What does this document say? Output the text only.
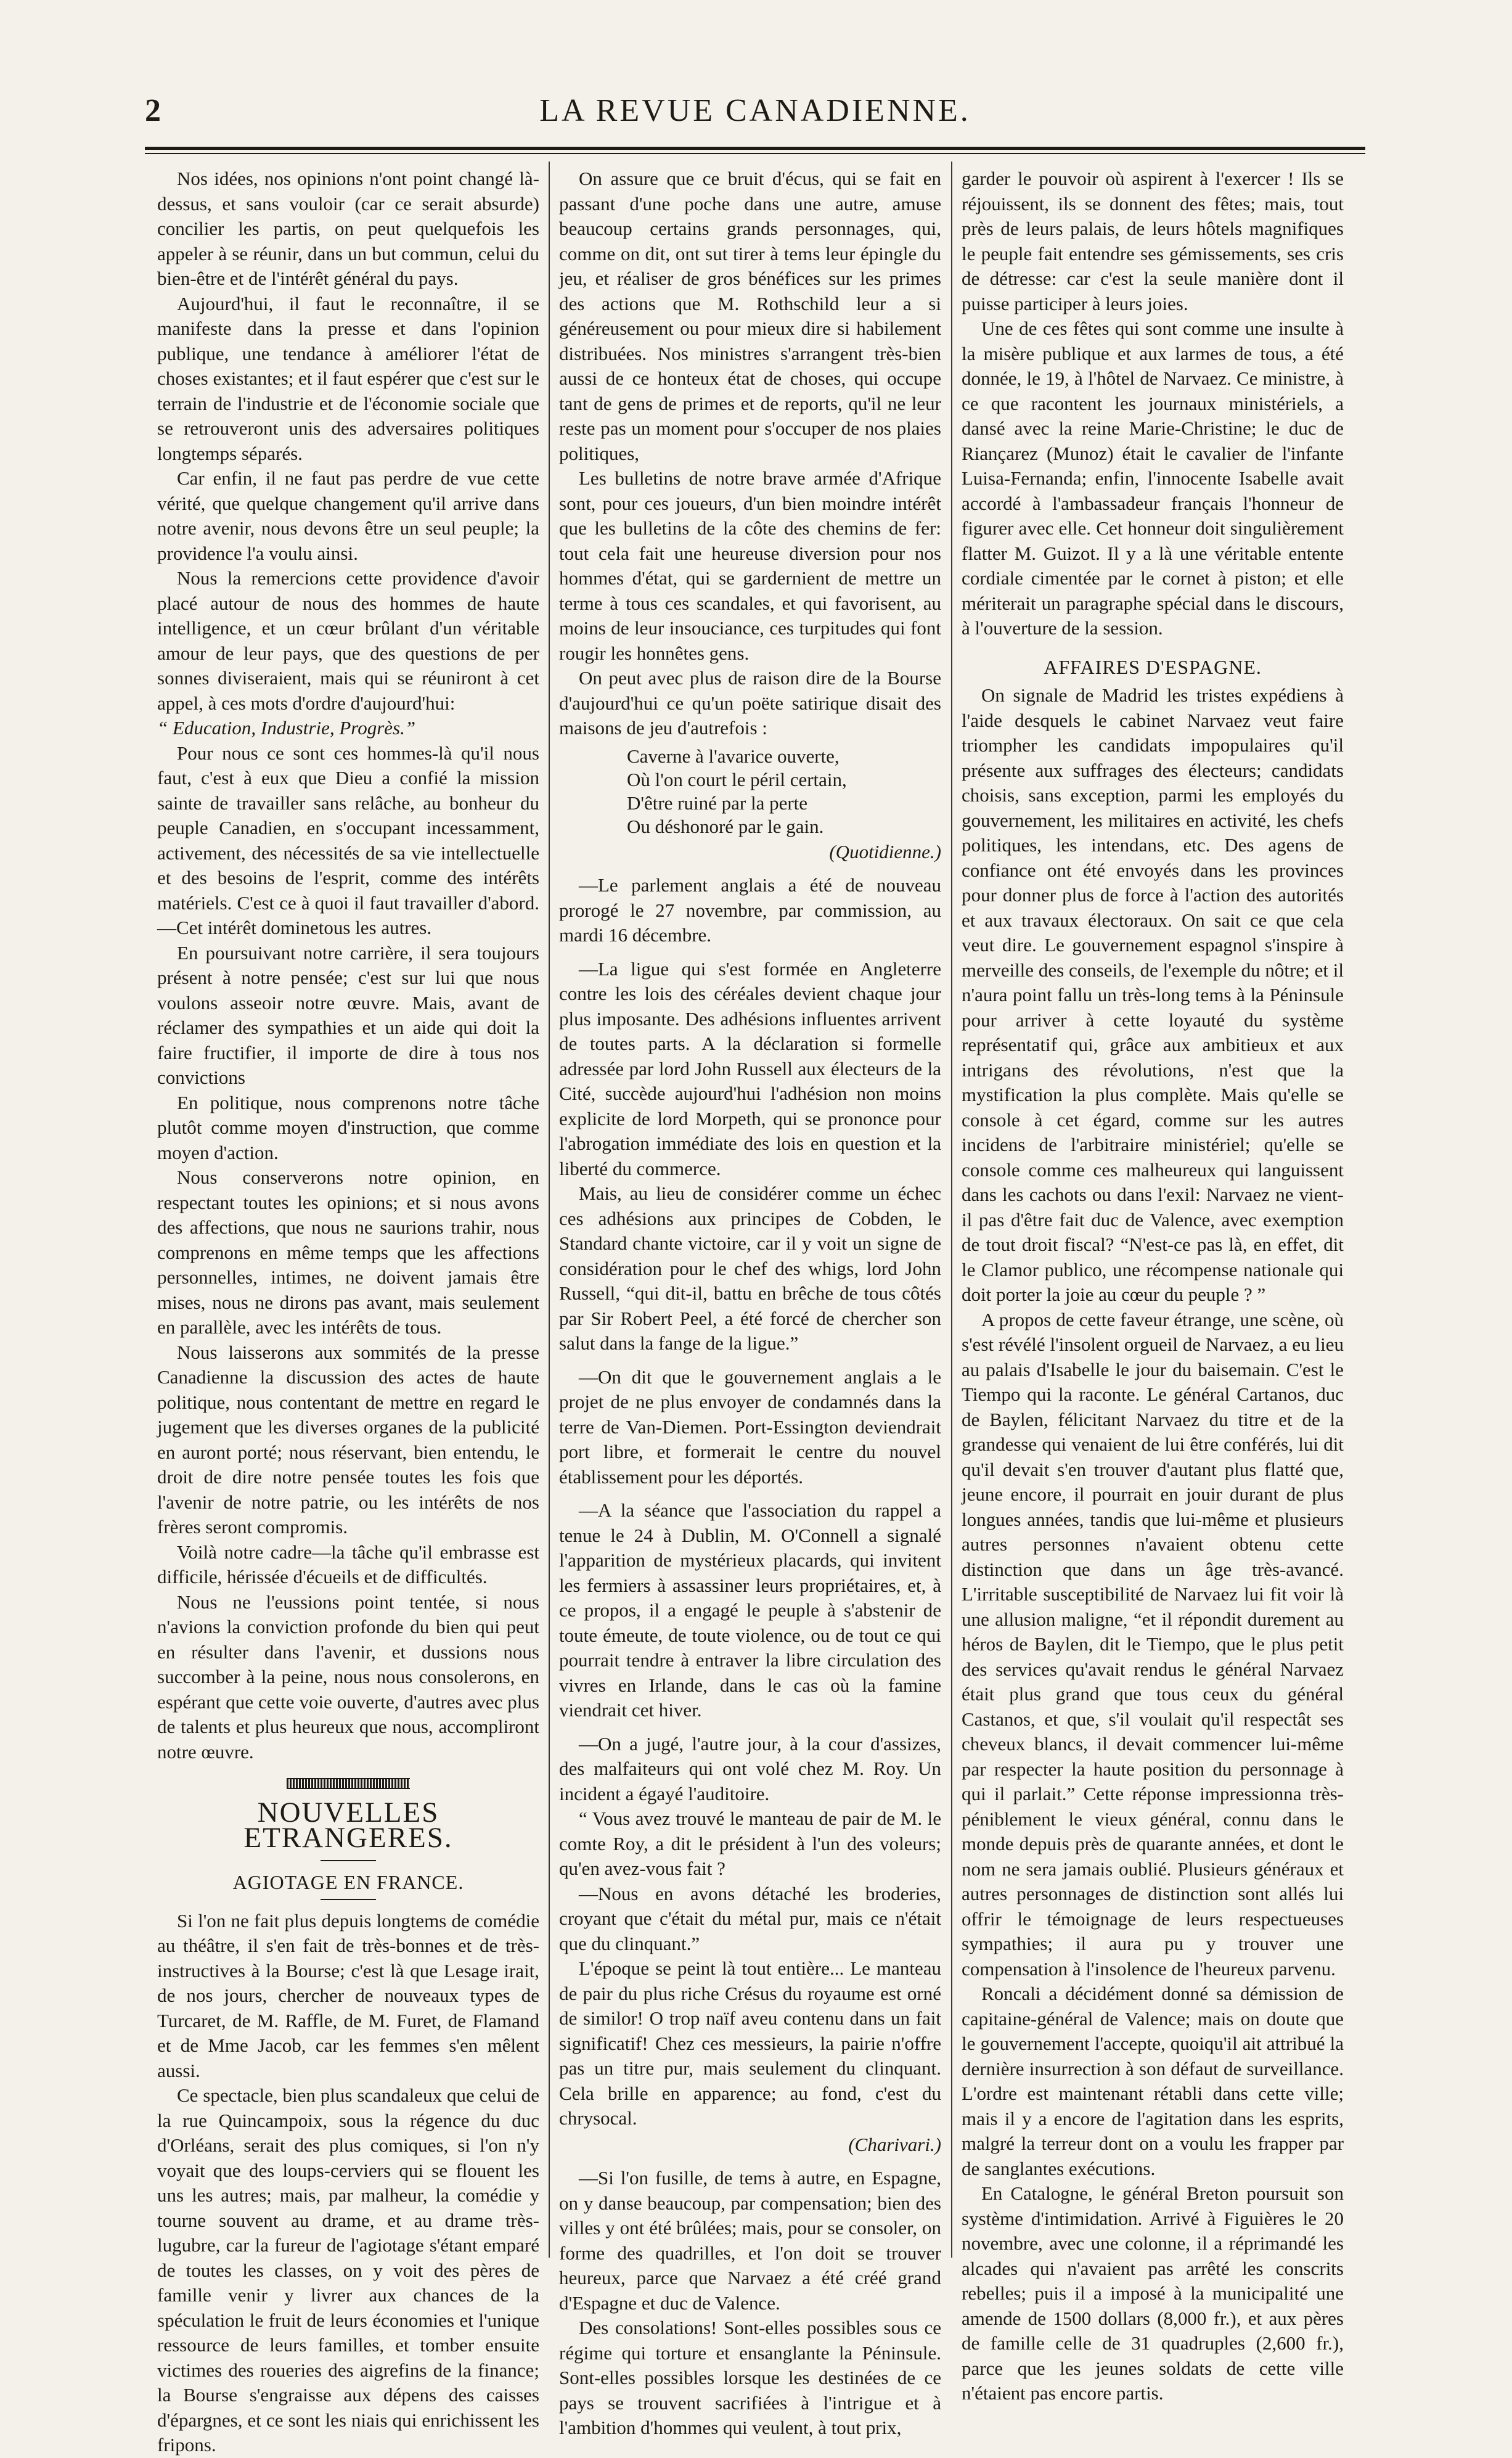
2	LA REVUE CANADIENNE.

Nos idées, nos opinions n'ont point changé là-dessus, et sans vouloir (car ce serait absurde) concilier les partis, on peut quelquefois les appeler à se réunir, dans un but commun, celui du bien-être et de l'intérêt général du pays.

Aujourd'hui, il faut le reconnaître, il se manifeste dans la presse et dans l'opinion publique, une tendance à améliorer l'état de choses existantes; et il faut espérer que c'est sur le terrain de l'industrie et de l'économie sociale que se retrouveront unis des adversaires politiques longtemps séparés.

Car enfin, il ne faut pas perdre de vue cette vérité, que quelque changement qu'il arrive dans notre avenir, nous devons être un seul peuple; la providence l'a voulu ainsi.

Nous la remercions cette providence d'avoir placé autour de nous des hommes de haute intelligence, et un cœur brûlant d'un véritable amour de leur pays, que des questions de per sonnes diviseraient, mais qui se réuniront à cet appel, à ces mots d'ordre d'aujourd'hui:

“ Education, Industrie, Progrès.”

Pour nous ce sont ces hommes-là qu'il nous faut, c'est à eux que Dieu a confié la mission sainte de travailler sans relâche, au bonheur du peuple Canadien, en s'occupant incessamment, activement, des nécessités de sa vie intellectuelle et des besoins de l'esprit, comme des intérêts matériels. C'est ce à quoi il faut travailler d'abord.—Cet intérêt dominetous les autres.

En poursuivant notre carrière, il sera toujours présent à notre pensée; c'est sur lui que nous voulons asseoir notre œuvre. Mais, avant de réclamer des sympathies et un aide qui doit la faire fructifier, il importe de dire à tous nos convictions

En politique, nous comprenons notre tâche plutôt comme moyen d'instruction, que comme moyen d'action.

Nous conserverons notre opinion, en respectant toutes les opinions; et si nous avons des affections, que nous ne saurions trahir, nous comprenons en même temps que les affections personnelles, intimes, ne doivent jamais être mises, nous ne dirons pas avant, mais seulement en parallèle, avec les intérêts de tous.

Nous laisserons aux sommités de la presse Canadienne la discussion des actes de haute politique, nous contentant de mettre en regard le jugement que les diverses organes de la publicité en auront porté; nous réservant, bien entendu, le droit de dire notre pensée toutes les fois que l'avenir de notre patrie, ou les intérêts de nos frères seront compromis.

Voilà notre cadre—la tâche qu'il embrasse est difficile, hérissée d'écueils et de difficultés.

Nous ne l'eussions point tentée, si nous n'avions la conviction profonde du bien qui peut en résulter dans l'avenir, et dussions nous succomber à la peine, nous nous consolerons, en espérant que cette voie ouverte, d'autres avec plus de talents et plus heureux que nous, accompliront notre œuvre.

NOUVELLES ETRANGERES.
AGIOTAGE EN FRANCE.

Si l'on ne fait plus depuis longtems de comédie au théâtre, il s'en fait de très-bonnes et de très-instructives à la Bourse; c'est là que Lesage irait, de nos jours, chercher de nouveaux types de Turcaret, de M. Raffle, de M. Furet, de Flamand et de Mme Jacob, car les femmes s'en mêlent aussi.

Ce spectacle, bien plus scandaleux que celui de la rue Quincampoix, sous la régence du duc d'Orléans, serait des plus comiques, si l'on n'y voyait que des loups-cerviers qui se flouent les uns les autres; mais, par malheur, la comédie y tourne souvent au drame, et au drame très-lugubre, car la fureur de l'agiotage s'étant emparé de toutes les classes, on y voit des pères de famille venir y livrer aux chances de la spéculation le fruit de leurs économies et l'unique ressource de leurs familles, et tomber ensuite victimes des roueries des aigrefins de la finance; la Bourse s'engraisse aux dépens des caisses d'épargnes, et ce sont les niais qui enrichissent les fripons.

On assure que ce bruit d'écus, qui se fait en passant d'une poche dans une autre, amuse beaucoup certains grands personnages, qui, comme on dit, ont sut tirer à tems leur épingle du jeu, et réaliser de gros bénéfices sur les primes des actions que M. Rothschild leur a si généreusement ou pour mieux dire si habilement distribuées. Nos ministres s'arrangent très-bien aussi de ce honteux état de choses, qui occupe tant de gens de primes et de reports, qu'il ne leur reste pas un moment pour s'occuper de nos plaies politiques,

Les bulletins de notre brave armée d'Afrique sont, pour ces joueurs, d'un bien moindre intérêt que les bulletins de la côte des chemins de fer: tout cela fait une heureuse diversion pour nos hommes d'état, qui se gardernient de mettre un terme à tous ces scandales, et qui favorisent, au moins de leur insouciance, ces turpitudes qui font rougir les honnêtes gens.

On peut avec plus de raison dire de la Bourse d'aujourd'hui ce qu'un poëte satirique disait des maisons de jeu d'autrefois :

Caverne à l'avarice ouverte,
Où l'on court le péril certain,
D'être ruiné par la perte
Ou déshonoré par le gain.

(Quotidienne.)

—Le parlement anglais a été de nouveau prorogé le 27 novembre, par commission, au mardi 16 décembre.

—La ligue qui s'est formée en Angleterre contre les lois des céréales devient chaque jour plus imposante. Des adhésions influentes arrivent de toutes parts. A la déclaration si formelle adressée par lord John Russell aux électeurs de la Cité, succède aujourd'hui l'adhésion non moins explicite de lord Morpeth, qui se prononce pour l'abrogation immédiate des lois en question et la liberté du commerce.

Mais, au lieu de considérer comme un échec ces adhésions aux principes de Cobden, le Standard chante victoire, car il y voit un signe de considération pour le chef des whigs, lord John Russell, “qui dit-il, battu en brêche de tous côtés par Sir Robert Peel, a été forcé de chercher son salut dans la fange de la ligue.”

—On dit que le gouvernement anglais a le projet de ne plus envoyer de condamnés dans la terre de Van-Diemen. Port-Essington deviendrait port libre, et formerait le centre du nouvel établissement pour les déportés.

—A la séance que l'association du rappel a tenue le 24 à Dublin, M. O'Connell a signalé l'apparition de mystérieux placards, qui invitent les fermiers à assassiner leurs propriétaires, et, à ce propos, il a engagé le peuple à s'abstenir de toute émeute, de toute violence, ou de tout ce qui pourrait tendre à entraver la libre circulation des vivres en Irlande, dans le cas où la famine viendrait cet hiver.

—On a jugé, l'autre jour, à la cour d'assizes, des malfaiteurs qui ont volé chez M. Roy. Un incident a égayé l'auditoire.

“ Vous avez trouvé le manteau de pair de M. le comte Roy, a dit le président à l'un des voleurs; qu'en avez-vous fait ?

—Nous en avons détaché les broderies, croyant que c'était du métal pur, mais ce n'était que du clinquant.”

L'époque se peint là tout entière... Le manteau de pair du plus riche Crésus du royaume est orné de similor! O trop naïf aveu contenu dans un fait significatif! Chez ces messieurs, la pairie n'offre pas un titre pur, mais seulement du clinquant. Cela brille en apparence; au fond, c'est du chrysocal.

(Charivari.)

—Si l'on fusille, de tems à autre, en Espagne, on y danse beaucoup, par compensation; bien des villes y ont été brûlées; mais, pour se consoler, on forme des quadrilles, et l'on doit se trouver heureux, parce que Narvaez a été créé grand d'Espagne et duc de Valence.

Des consolations! Sont-elles possibles sous ce régime qui torture et ensanglante la Péninsule. Sont-elles possibles lorsque les destinées de ce pays se trouvent sacrifiées à l'intrigue et à l'ambition d'hommes qui veulent, à tout prix,

garder le pouvoir où aspirent à l'exercer ! Ils se réjouissent, ils se donnent des fêtes; mais, tout près de leurs palais, de leurs hôtels magnifiques le peuple fait entendre ses gémissements, ses cris de détresse: car c'est la seule manière dont il puisse participer à leurs joies.

Une de ces fêtes qui sont comme une insulte à la misère publique et aux larmes de tous, a été donnée, le 19, à l'hôtel de Narvaez. Ce ministre, à ce que racontent les journaux ministériels, a dansé avec la reine Marie-Christine; le duc de Riançarez (Munoz) était le cavalier de l'infante Luisa-Fernanda; enfin, l'innocente Isabelle avait accordé à l'ambassadeur français l'honneur de figurer avec elle. Cet honneur doit singulièrement flatter M. Guizot. Il y a là une véritable entente cordiale cimentée par le cornet à piston; et elle mériterait un paragraphe spécial dans le discours, à l'ouverture de la session.

AFFAIRES D'ESPAGNE.

On signale de Madrid les tristes expédiens à l'aide desquels le cabinet Narvaez veut faire triompher les candidats impopulaires qu'il présente aux suffrages des électeurs; candidats choisis, sans exception, parmi les employés du gouvernement, les militaires en activité, les chefs politiques, les intendans, etc. Des agens de confiance ont été envoyés dans les provinces pour donner plus de force à l'action des autorités et aux travaux électoraux. On sait ce que cela veut dire. Le gouvernement espagnol s'inspire à merveille des conseils, de l'exemple du nôtre; et il n'aura point fallu un très-long tems à la Péninsule pour arriver à cette loyauté du système représentatif qui, grâce aux ambitieux et aux intrigans des révolutions, n'est que la mystification la plus complète. Mais qu'elle se console à cet égard, comme sur les autres incidens de l'arbitraire ministériel; qu'elle se console comme ces malheureux qui languissent dans les cachots ou dans l'exil: Narvaez ne vient-il pas d'être fait duc de Valence, avec exemption de tout droit fiscal? “N'est-ce pas là, en effet, dit le Clamor publico, une récompense nationale qui doit porter la joie au cœur du peuple ? ”

A propos de cette faveur étrange, une scène, où s'est révélé l'insolent orgueil de Narvaez, a eu lieu au palais d'Isabelle le jour du baisemain. C'est le Tiempo qui la raconte. Le général Cartanos, duc de Baylen, félicitant Narvaez du titre et de la grandesse qui venaient de lui être conférés, lui dit qu'il devait s'en trouver d'autant plus flatté que, jeune encore, il pourrait en jouir durant de plus longues années, tandis que lui-même et plusieurs autres personnes n'avaient obtenu cette distinction que dans un âge très-avancé. L'irritable susceptibilité de Narvaez lui fit voir là une allusion maligne, “et il répondit durement au héros de Baylen, dit le Tiempo, que le plus petit des services qu'avait rendus le général Narvaez était plus grand que tous ceux du général Castanos, et que, s'il voulait qu'il respectât ses cheveux blancs, il devait commencer lui-même par respecter la haute position du personnage à qui il parlait.” Cette réponse impressionna très-péniblement le vieux général, connu dans le monde depuis près de quarante années, et dont le nom ne sera jamais oublié. Plusieurs généraux et autres personnages de distinction sont allés lui offrir le témoignage de leurs respectueuses sympathies; il aura pu y trouver une compensation à l'insolence de l'heureux parvenu.

Roncali a décidément donné sa démission de capitaine-général de Valence; mais on doute que le gouvernement l'accepte, quoiqu'il ait attribué la dernière insurrection à son défaut de surveillance. L'ordre est maintenant rétabli dans cette ville; mais il y a encore de l'agitation dans les esprits, malgré la terreur dont on a voulu les frapper par de sanglantes exécutions.

En Catalogne, le général Breton poursuit son système d'intimidation. Arrivé à Figuières le 20 novembre, avec une colonne, il a réprimandé les alcades qui n'avaient pas arrêté les conscrits rebelles; puis il a imposé à la municipalité une amende de 1500 dollars (8,000 fr.), et aux pères de famille celle de 31 quadruples (2,600 fr.), parce que les jeunes soldats de cette ville n'étaient pas encore partis.
